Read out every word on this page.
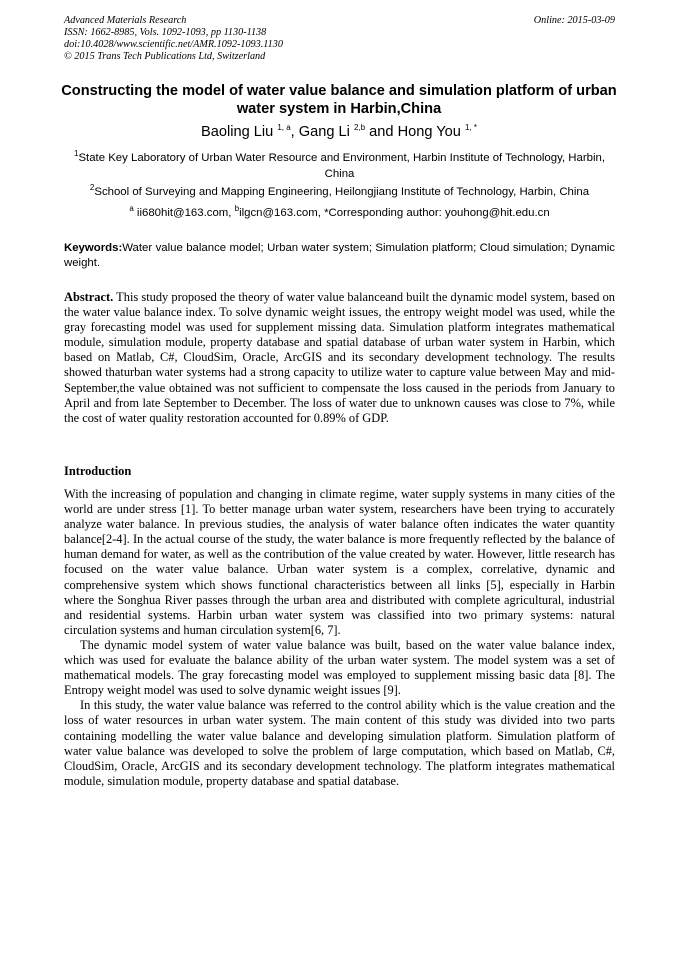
Advanced Materials Research
ISSN: 1662-8985, Vols. 1092-1093, pp 1130-1138
doi:10.4028/www.scientific.net/AMR.1092-1093.1130
© 2015 Trans Tech Publications Ltd, Switzerland
Online: 2015-03-09
Constructing the model of water value balance and simulation platform of urban water system in Harbin,China
Baoling Liu $^{1, a}$, Gang Li $^{2,b}$ and Hong You $^{1, *}$
$^1$State Key Laboratory of Urban Water Resource and Environment, Harbin Institute of Technology, Harbin, China
$^2$School of Surveying and Mapping Engineering, Heilongjiang Institute of Technology, Harbin, China
$^a$ ii680hit@163.com, $^b$ilgcn@163.com, *Corresponding author: youhong@hit.edu.cn
Keywords:Water value balance model; Urban water system; Simulation platform; Cloud simulation; Dynamic weight.
Abstract. This study proposed the theory of water value balanceand built the dynamic model system, based on the water value balance index. To solve dynamic weight issues, the entropy weight model was used, while the gray forecasting model was used for supplement missing data. Simulation platform integrates mathematical module, simulation module, property database and spatial database of urban water system in Harbin, which based on Matlab, C#, CloudSim, Oracle, ArcGIS and its secondary development technology. The results showed thaturban water systems had a strong capacity to utilize water to capture value between May and mid-September,the value obtained was not sufficient to compensate the loss caused in the periods from January to April and from late September to December. The loss of water due to unknown causes was close to 7%, while the cost of water quality restoration accounted for 0.89% of GDP.
Introduction

With the increasing of population and changing in climate regime, water supply systems in many cities of the world are under stress [1]. To better manage urban water system, researchers have been trying to accurately analyze water balance. In previous studies, the analysis of water balance often indicates the water quantity balance[2-4]. In the actual course of the study, the water balance is more frequently reflected by the balance of human demand for water, as well as the contribution of the value created by water. However, little research has focused on the water value balance. Urban water system is a complex, correlative, dynamic and comprehensive system which shows functional characteristics between all links [5], especially in Harbin where the Songhua River passes through the urban area and distributed with complete agricultural, industrial and residential systems. Harbin urban water system was classified into two primary systems: natural circulation systems and human circulation system[6, 7].

The dynamic model system of water value balance was built, based on the water value balance index, which was used for evaluate the balance ability of the urban water system. The model system was a set of mathematical models. The gray forecasting model was employed to supplement missing basic data [8]. The Entropy weight model was used to solve dynamic weight issues [9].

In this study, the water value balance was referred to the control ability which is the value creation and the loss of water resources in urban water system. The main content of this study was divided into two parts containing modelling the water value balance and developing simulation platform. Simulation platform of water value balance was developed to solve the problem of large computation, which based on Matlab, C#, CloudSim, Oracle, ArcGIS and its secondary development technology. The platform integrates mathematical module, simulation module, property database and spatial database.
